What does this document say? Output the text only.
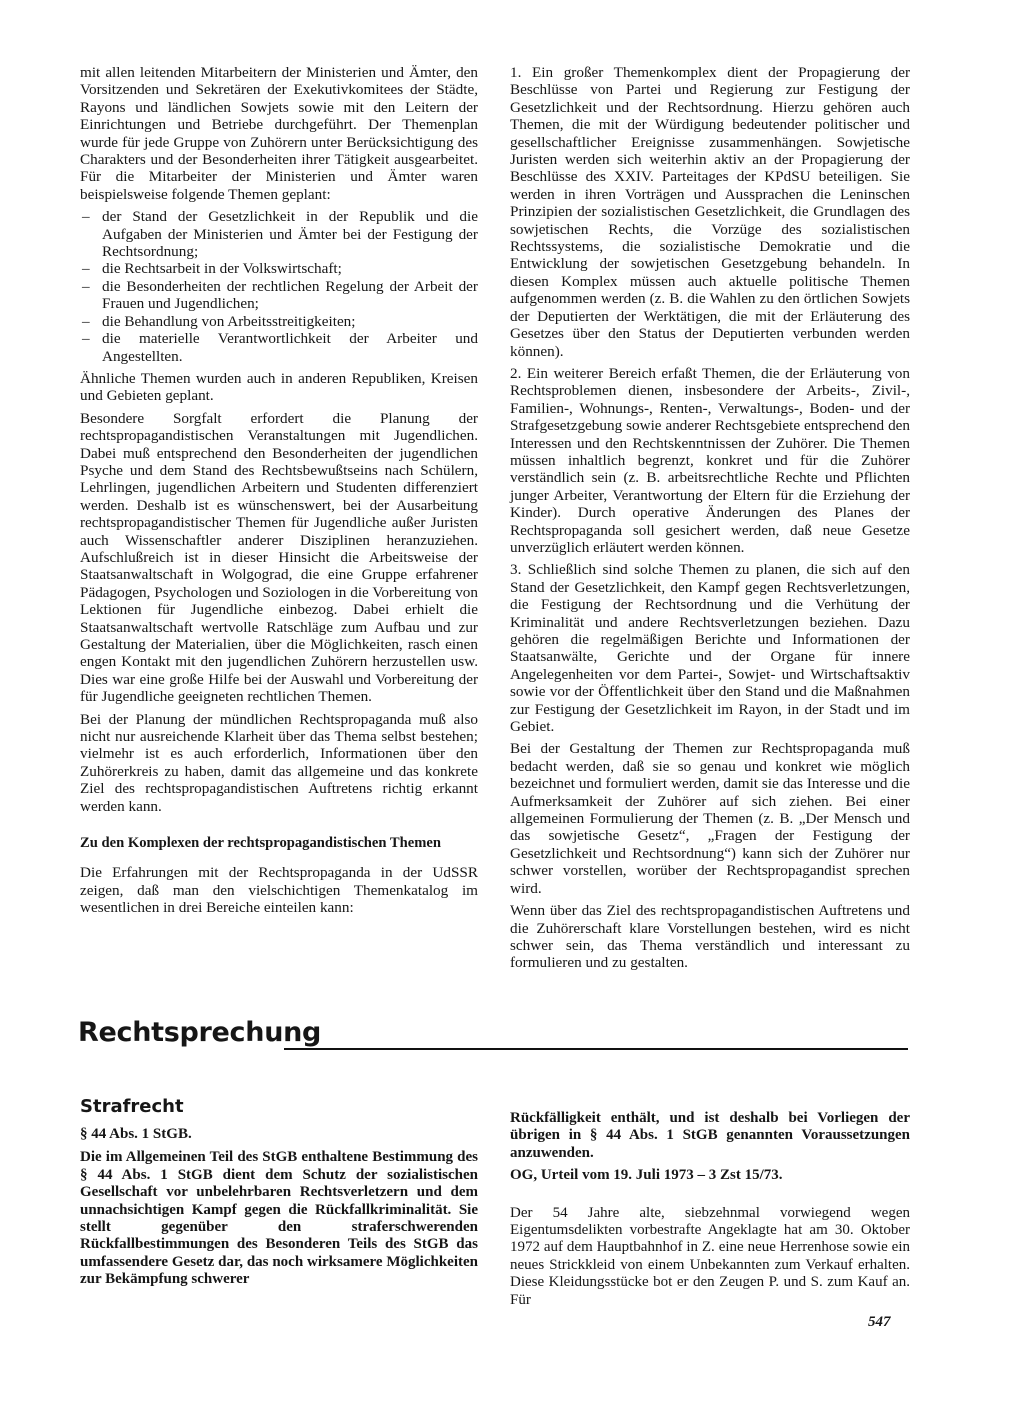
mit allen leitenden Mitarbeitern der Ministerien und Ämter, den Vorsitzenden und Sekretären der Exekutivkomitees der Städte, Rayons und ländlichen Sowjets sowie mit den Leitern der Einrichtungen und Betriebe durchgeführt. Der Themenplan wurde für jede Gruppe von Zuhörern unter Berücksichtigung des Charakters und der Besonderheiten ihrer Tätigkeit ausgearbeitet. Für die Mitarbeiter der Ministerien und Ämter waren beispielsweise folgende Themen geplant:

– der Stand der Gesetzlichkeit in der Republik und die Aufgaben der Ministerien und Ämter bei der Festigung der Rechtsordnung;
– die Rechtsarbeit in der Volkswirtschaft;
– die Besonderheiten der rechtlichen Regelung der Arbeit der Frauen und Jugendlichen;
– die Behandlung von Arbeitsstreitigkeiten;
– die materielle Verantwortlichkeit der Arbeiter und Angestellten.

Ähnliche Themen wurden auch in anderen Republiken, Kreisen und Gebieten geplant.

Besondere Sorgfalt erfordert die Planung der rechtspropagandistischen Veranstaltungen mit Jugendlichen. Dabei muß entsprechend den Besonderheiten der jugendlichen Psyche und dem Stand des Rechtsbewußtseins nach Schülern, Lehrlingen, jugendlichen Arbeitern und Studenten differenziert werden. Deshalb ist es wünschenswert, bei der Ausarbeitung rechtspropagandistischer Themen für Jugendliche außer Juristen auch Wissenschaftler anderer Disziplinen heranzuziehen. Aufschlußreich ist in dieser Hinsicht die Arbeitsweise der Staatsanwaltschaft in Wolgograd, die eine Gruppe erfahrener Pädagogen, Psychologen und Soziologen in die Vorbereitung von Lektionen für Jugendliche einbezog. Dabei erhielt die Staatsanwaltschaft wertvolle Ratschläge zum Aufbau und zur Gestaltung der Materialien, über die Möglichkeiten, rasch einen engen Kontakt mit den jugendlichen Zuhörern herzustellen usw. Dies war eine große Hilfe bei der Auswahl und Vorbereitung der für Jugendliche geeigneten rechtlichen Themen.

Bei der Planung der mündlichen Rechtspropaganda muß also nicht nur ausreichende Klarheit über das Thema selbst bestehen; vielmehr ist es auch erforderlich, Informationen über den Zuhörerkreis zu haben, damit das allgemeine und das konkrete Ziel des rechtspropagandistischen Auftretens richtig erkannt werden kann.

Zu den Komplexen der rechtspropagandistischen Themen

Die Erfahrungen mit der Rechtspropaganda in der UdSSR zeigen, daß man den vielschichtigen Themenkatalog im wesentlichen in drei Bereiche einteilen kann:

1. Ein großer Themenkomplex dient der Propagierung der Beschlüsse von Partei und Regierung zur Festigung der Gesetzlichkeit und der Rechtsordnung. Hierzu gehören auch Themen, die mit der Würdigung bedeutender politischer und gesellschaftlicher Ereignisse zusammenhängen. Sowjetische Juristen werden sich weiterhin aktiv an der Propagierung der Beschlüsse des XXIV. Parteitages der KPdSU beteiligen. Sie werden in ihren Vorträgen und Aussprachen die Leninschen Prinzipien der sozialistischen Gesetzlichkeit, die Grundlagen des sowjetischen Rechts, die Vorzüge des sozialistischen Rechtssystems, die sozialistische Demokratie und die Entwicklung der sowjetischen Gesetzgebung behandeln. In diesen Komplex müssen auch aktuelle politische Themen aufgenommen werden (z. B. die Wahlen zu den örtlichen Sowjets der Deputierten der Werktätigen, die mit der Erläuterung des Gesetzes über den Status der Deputierten verbunden werden können).

2. Ein weiterer Bereich erfaßt Themen, die der Erläuterung von Rechtsproblemen dienen, insbesondere der Arbeits-, Zivil-, Familien-, Wohnungs-, Renten-, Verwaltungs-, Boden- und der Strafgesetzgebung sowie anderer Rechtsgebiete entsprechend den Interessen und den Rechtskenntnissen der Zuhörer. Die Themen müssen inhaltlich begrenzt, konkret und für die Zuhörer verständlich sein (z. B. arbeitsrechtliche Rechte und Pflichten junger Arbeiter, Verantwortung der Eltern für die Erziehung der Kinder). Durch operative Änderungen des Planes der Rechtspropaganda soll gesichert werden, daß neue Gesetze unverzüglich erläutert werden können.

3. Schließlich sind solche Themen zu planen, die sich auf den Stand der Gesetzlichkeit, den Kampf gegen Rechtsverletzungen, die Festigung der Rechtsordnung und die Verhütung der Kriminalität und andere Rechtsverletzungen beziehen. Dazu gehören die regelmäßigen Berichte und Informationen der Staatsanwälte, Gerichte und der Organe für innere Angelegenheiten vor dem Partei-, Sowjet- und Wirtschaftsaktiv sowie vor der Öffentlichkeit über den Stand und die Maßnahmen zur Festigung der Gesetzlichkeit im Rayon, in der Stadt und im Gebiet.

Bei der Gestaltung der Themen zur Rechtspropaganda muß bedacht werden, daß sie so genau und konkret wie möglich bezeichnet und formuliert werden, damit sie das Interesse und die Aufmerksamkeit der Zuhörer auf sich ziehen. Bei einer allgemeinen Formulierung der Themen (z. B. „Der Mensch und das sowjetische Gesetz“, „Fragen der Festigung der Gesetzlichkeit und Rechtsordnung“) kann sich der Zuhörer nur schwer vorstellen, worüber der Rechtspropagandist sprechen wird.

Wenn über das Ziel des rechtspropagandistischen Auftretens und die Zuhörerschaft klare Vorstellungen bestehen, wird es nicht schwer sein, das Thema verständlich und interessant zu formulieren und zu gestalten.

Rechtsprechung
Strafrecht
§ 44 Abs. 1 StGB.

Die im Allgemeinen Teil des StGB enthaltene Bestimmung des § 44 Abs. 1 StGB dient dem Schutz der sozialistischen Gesellschaft vor unbelehrbaren Rechtsverletzern und dem unnachsichtigen Kampf gegen die Rückfallkriminalität. Sie stellt gegenüber den straferschwerenden Rückfallbestimmungen des Besonderen Teils des StGB das umfassendere Gesetz dar, das noch wirksamere Möglichkeiten zur Bekämpfung schwerer

Rückfälligkeit enthält, und ist deshalb bei Vorliegen der übrigen in § 44 Abs. 1 StGB genannten Voraussetzungen anzuwenden.

OG, Urteil vom 19. Juli 1973 – 3 Zst 15/73.

Der 54 Jahre alte, siebzehnmal vorwiegend wegen Eigentumsdelikten vorbestrafte Angeklagte hat am 30. Oktober 1972 auf dem Hauptbahnhof in Z. eine neue Herrenhose sowie ein neues Strickkleid von einem Unbekannten zum Verkauf erhalten. Diese Kleidungsstücke bot er den Zeugen P. und S. zum Kauf an. Für

547
